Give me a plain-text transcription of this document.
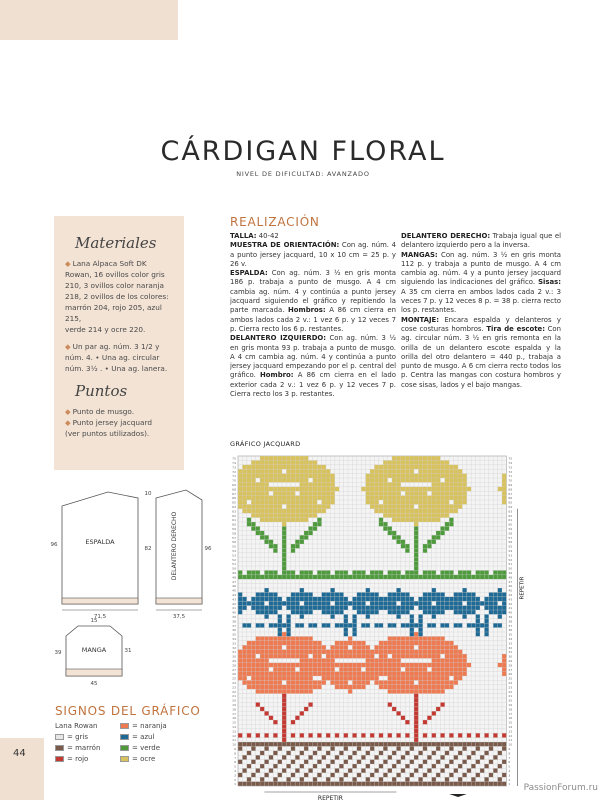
CÁRDIGAN FLORAL
NIVEL DE DIFICULTAD: AVANZADO
Materiales
◆ Lana Alpaca Soft DK
Rowan, 16 ovillos color gris
210, 3 ovillos color naranja
218, 2 ovillos de los colores:
marrón 204, rojo 205, azul 215,
verde 214 y ocre 220.
◆ Un par ag. núm. 3 1/2 y
núm. 4. • Una ag. circular
núm. 3½ . • Una ag. lanera.
Puntos
◆ Punto de musgo.
◆ Punto jersey jacquard
(ver puntos utilizados).
REALIZACIÓN
TALLA: 40-42
MUESTRA DE ORIENTACIÓN: Con ag. núm. 4 a punto jersey jacquard, 10 x 10 cm = 25 p. y 26 v.
ESPALDA: Con ag. núm. 3 ½ en gris monta 186 p. trabaja a punto de musgo. A 4 cm cambia ag. núm. 4 y continúa a punto jersey jacquard siguiendo el gráfico y repitiendo la parte marcada. Hombros: A 86 cm cierra en ambos lados cada 2 v.: 1 vez 6 p. y 12 veces 7 p. Cierra recto los 6 p. restantes.
DELANTERO IZQUIERDO: Con ag. núm. 3 ½ en gris monta 93 p. trabaja a punto de musgo. A 4 cm cambia ag. núm. 4 y continúa a punto jersey jacquard empezando por el p. central del gráfico. Hombro: A 86 cm cierra en el lado exterior cada 2 v.: 1 vez 6 p. y 12 veces 7 p. Cierra recto los 3 p. restantes.
DELANTERO DERECHO: Trabaja igual que el delantero izquierdo pero a la inversa.
MANGAS: Con ag. núm. 3 ½ en gris monta 112 p. y trabaja a punto de musgo. A 4 cm cambia ag. núm. 4 y a punto jersey jacquard siguiendo las indicaciones del gráfico. Sisas: A 35 cm cierra en ambos lados cada 2 v.: 3 veces 7 p. y 12 veces 8 p. = 38 p. cierra recto los p. restantes.
MONTAJE: Encara espalda y delanteros y cose costuras hombros. Tira de escote: Con ag. circular núm. 3 ½ en gris remonta en la orilla de un delantero escote espalda y la orilla del otro delantero = 440 p., trabaja a punto de musgo. A 6 cm cierra recto todos los p. Centra las mangas con costura hombros y cose sisas, lados y el bajo mangas.
GRÁFICO JACQUARD
75	75
74	74
73	73
72	72
71	71
70	70
69	69
68	68
67	67
66	66
65	65
64	64
63	63
62	62
61	61
60	60
59	59
58	58
57	57
56	56
55	55
54	54
53	53
52	52
51	51
50	50
49	49
48	48
47	47
46	46
45	45
44	44
43	43
42	42
41	41
40	40
39	39
38	38
37	37
36	36
35	35
34	34
33	33
32	32
31	31
30	30
29	29
28	28
27	27
26	26
25	25
24	24
23	23
22	22
21	21
20	20
19	19
18	18
17	17
16	16
15	15
14	14
13	13
12	12
11	11
10	10
9	9
8	8
7	7
6	6
5	5
4	4
3	3
2	2
1	1
REPETIR
REPETIR
ESPALDA	DELANTERO DERECHO
10
96
82	96
71,5	37,5
MANGA
15
39	31
45
SIGNOS DEL GRÁFICO
Lana Rowan
= gris
= marrón
= rojo
= naranja
= azul
= verde
= ocre
44
PassionForum.ru
